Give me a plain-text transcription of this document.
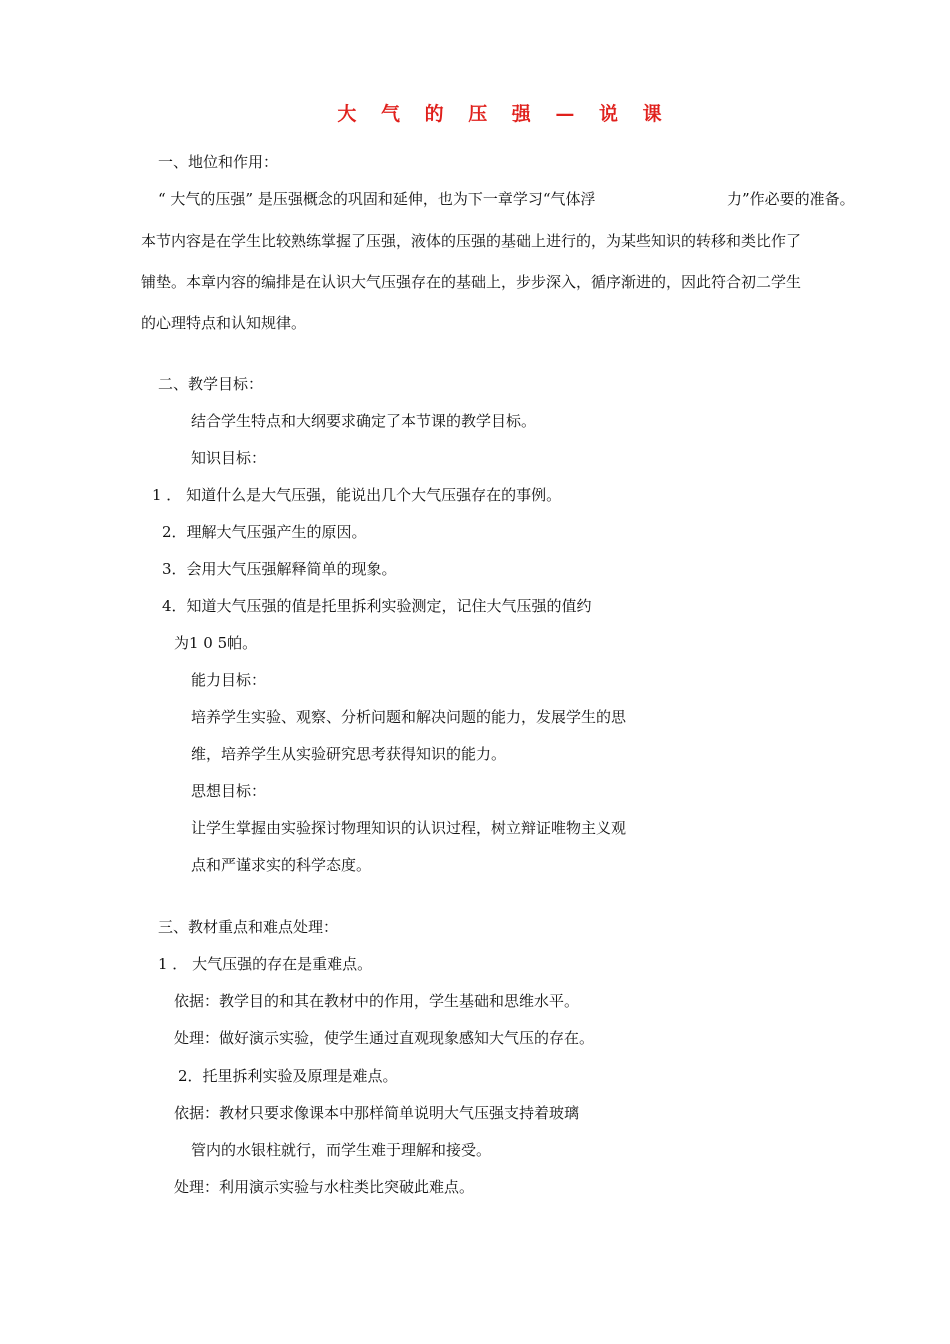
大 气 的 压 强 — 说 课
一、地位和作用：
“ 大气的压强” 是压强概念的巩固和延伸，也为下一章学习“气体浮	力”作必要的准备。
本节内容是在学生比较熟练掌握了压强，液体的压强的基础上进行的，为某些知识的转移和类比作了
铺垫。本章内容的编排是在认识大气压强存在的基础上，步步深入，循序渐进的，因此符合初二学生
的心理特点和认知规律。
二、教学目标：
结合学生特点和大纲要求确定了本节课的教学目标。
知识目标：
1 ． 知道什么是大气压强，能说出几个大气压强存在的事例。
2．理解大气压强产生的原因。
3．会用大气压强解释简单的现象。
4．知道大气压强的值是托里拆利实验测定，记住大气压强的值约
为1 0 5帕。
能力目标：
培养学生实验、观察、分析问题和解决问题的能力，发展学生的思
维，培养学生从实验研究思考获得知识的能力。
思想目标：
让学生掌握由实验探讨物理知识的认识过程，树立辩证唯物主义观
点和严谨求实的科学态度。
三、教材重点和难点处理：
1 ． 大气压强的存在是重难点。
依据：教学目的和其在教材中的作用，学生基础和思维水平。
处理：做好演示实验，使学生通过直观现象感知大气压的存在。
2．托里拆利实验及原理是难点。
依据：教材只要求像课本中那样简单说明大气压强支持着玻璃
管内的水银柱就行，而学生难于理解和接受。
处理：利用演示实验与水柱类比突破此难点。
